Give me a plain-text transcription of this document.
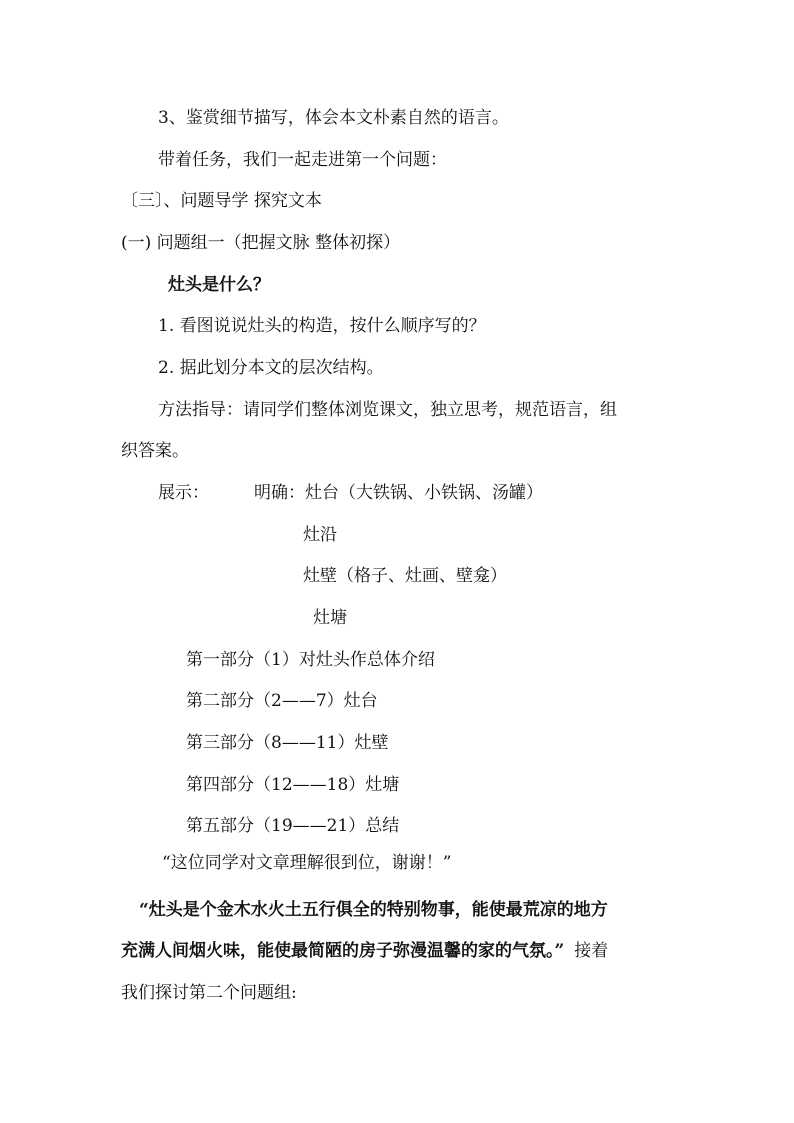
3、鉴赏细节描写，体会本文朴素自然的语言。
带着任务，我们一起走进第一个问题：
〔三〕、问题导学 探究文本
(一) 问题组一（把握文脉 整体初探）
灶头是什么？
1. 看图说说灶头的构造，按什么顺序写的？
2. 据此划分本文的层次结构。
方法指导：请同学们整体浏览课文，独立思考，规范语言，组
织答案。
展示：	明确：灶台（大铁锅、小铁锅、汤罐）
灶沿
灶壁（格子、灶画、壁龛）
灶塘
第一部分（1）对灶头作总体介绍
第二部分（2——7）灶台
第三部分（8——11）灶壁
第四部分（12——18）灶塘
第五部分（19——21）总结
“这位同学对文章理解很到位，谢谢！”
“灶头是个金木水火土五行俱全的特别物事，能使最荒凉的地方
充满人间烟火味，能使最简陋的房子弥漫温馨的家的气氛。” 接着
我们探讨第二个问题组:
